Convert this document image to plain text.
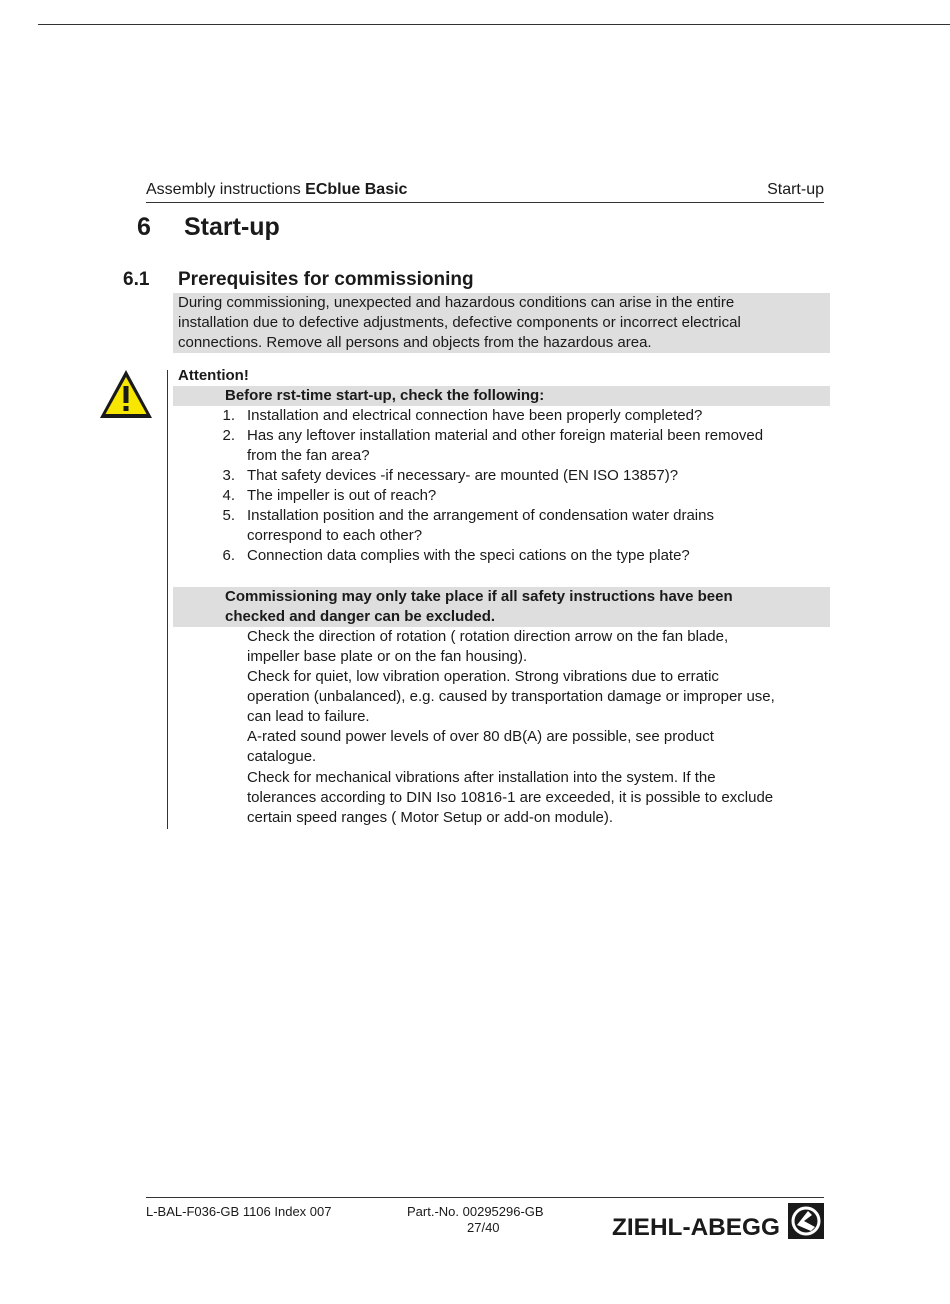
Assembly instructions ECblue Basic	Start-up
6 Start-up
6.1 Prerequisites for commissioning
During commissioning, unexpected and hazardous conditions can arise in the entire
installation due to defective adjustments, defective components or incorrect electrical
connections. Remove all persons and objects from the hazardous area.
Attention!
Before rst-time start-up, check the following:
1. Installation and electrical connection have been properly completed?
2. Has any leftover installation material and other foreign material been removed
from the fan area?
3. That safety devices -if necessary- are mounted (EN ISO 13857)?
4. The impeller is out of reach?
5. Installation position and the arrangement of condensation water drains
correspond to each other?
6. Connection data complies with the speci cations on the type plate?
Commissioning may only take place if all safety instructions have been
checked and danger can be excluded.
Check the direction of rotation ( rotation direction arrow on the fan blade,
impeller base plate or on the fan housing).
Check for quiet, low vibration operation. Strong vibrations due to erratic
operation (unbalanced), e.g. caused by transportation damage or improper use,
can lead to failure.
A-rated sound power levels of over 80 dB(A) are possible, see product
catalogue.
Check for mechanical vibrations after installation into the system. If the
tolerances according to DIN Iso 10816-1 are exceeded, it is possible to exclude
certain speed ranges ( Motor Setup or add-on module).
L-BAL-F036-GB 1106 Index 007	Part.-No. 00295296-GB
27/40	ZIEHL-ABEGG
